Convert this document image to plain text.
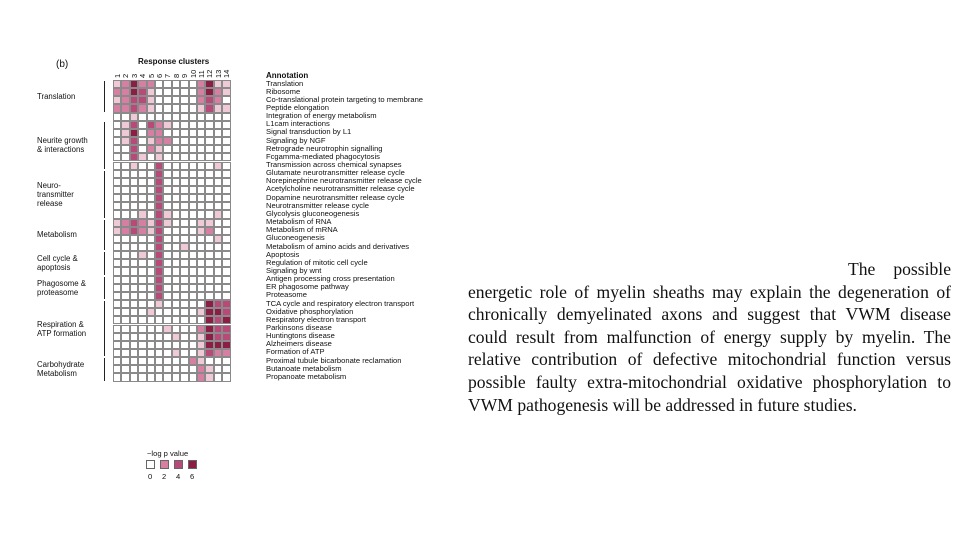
(b)	Response clusters
Annotation
1 2 3 4 5 6 7 8 9 10 11 12 13 14
Translation
Ribosome
Co-translational protein targeting to membrane
Peptide elongation
Integration of energy metabolism
L1cam interactions
Signal transduction by L1
Signaling by NGF
Retrograde neurotrophin signalling
Fcgamma-mediated phagocytosis
Transmission across chemical synapses
Glutamate neurotransmitter release cycle
Norepinephrine neurotransmitter release cycle
Acetylcholine neurotransmitter release cycle
Dopamine neurotransmitter release cycle
Neurotransmitter release cycle
Glycolysis gluconeogenesis
Metabolism of RNA
Metabolism of mRNA
Gluconeogenesis
Metabolism of amino acids and derivatives
Apoptosis
Regulation of mitotic cell cycle
Signaling by wnt
Antigen processing cross presentation
ER phagosome pathway
Proteasome
TCA cycle and respiratory electron transport
Oxidative phosphorylation
Respiratory electron transport
Parkinsons disease
Huntingtons disease
Alzheimers disease
Formation of ATP
Proximal tubule bicarbonate reclamation
Butanoate metabolism
Propanoate metabolism
Translation
Neurite growth
& interactions
Neuro-
transmitter
release
Metabolism
Cell cycle &
apoptosis
Phagosome &
proteasome
Respiration &
ATP formation
Carbohydrate
Metabolism
−log p value
0 2 4 6
The possible energetic role of myelin sheaths may explain the degeneration of chronically demyelinated axons and suggest that VWM disease could result from malfunction of energy supply by myelin. The relative contribution of defective mitochondrial function versus possible faulty extra-mitochondrial oxidative phosphorylation to VWM pathogenesis will be addressed in future studies.
